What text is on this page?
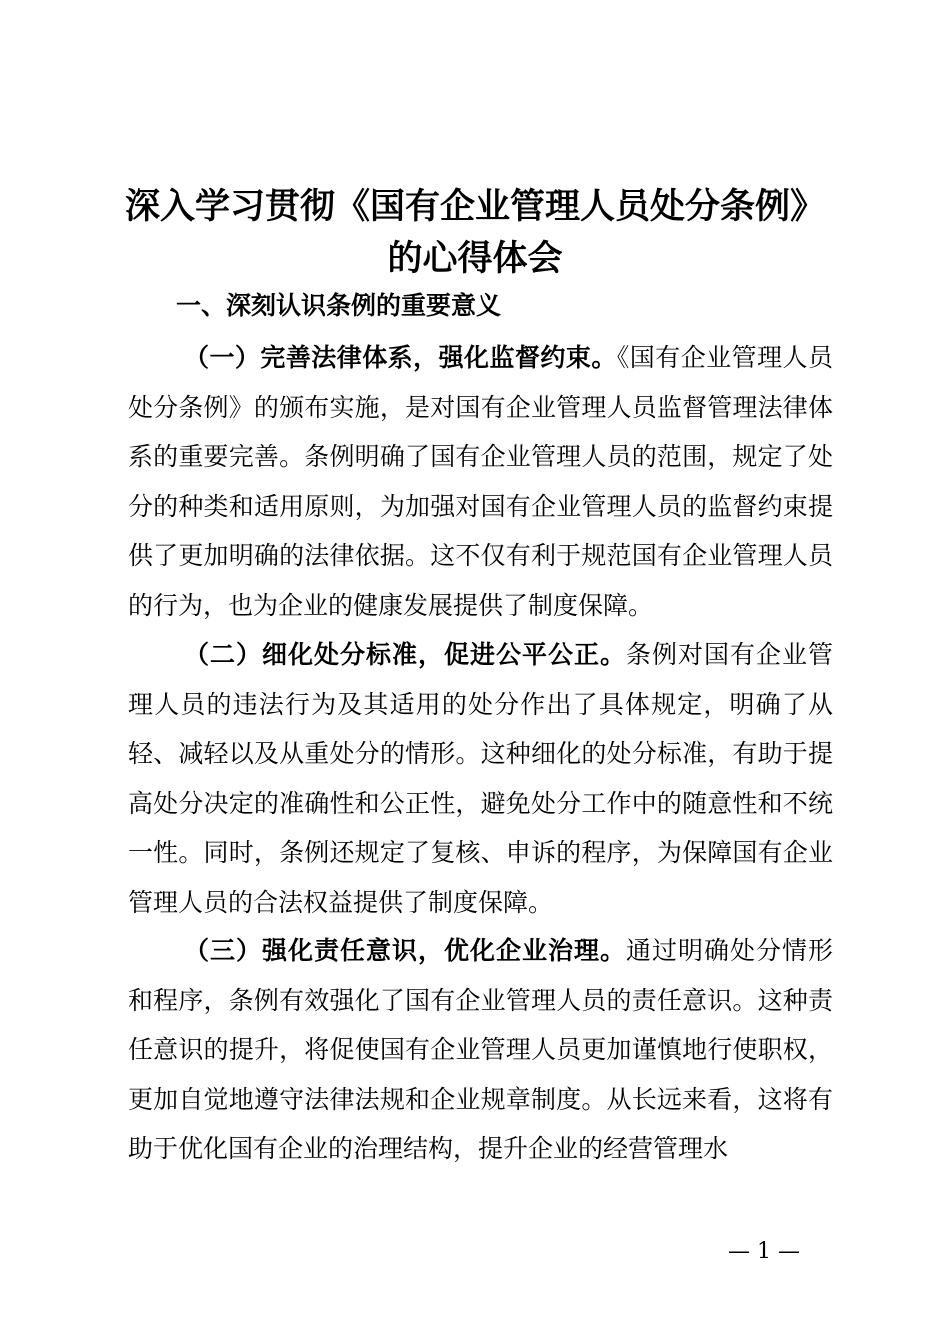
深入学习贯彻《国有企业管理人员处分条例》
的心得体会
一、深刻认识条例的重要意义

（一）完善法律体系，强化监督约束。《国有企业管理人员处分条例》的颁布实施，是对国有企业管理人员监督管理法律体系的重要完善。条例明确了国有企业管理人员的范围，规定了处分的种类和适用原则，为加强对国有企业管理人员的监督约束提供了更加明确的法律依据。这不仅有利于规范国有企业管理人员的行为，也为企业的健康发展提供了制度保障。

（二）细化处分标准，促进公平公正。条例对国有企业管理人员的违法行为及其适用的处分作出了具体规定，明确了从轻、减轻以及从重处分的情形。这种细化的处分标准，有助于提高处分决定的准确性和公正性，避免处分工作中的随意性和不统一性。同时，条例还规定了复核、申诉的程序，为保障国有企业管理人员的合法权益提供了制度保障。

（三）强化责任意识，优化企业治理。通过明确处分情形和程序，条例有效强化了国有企业管理人员的责任意识。这种责任意识的提升，将促使国有企业管理人员更加谨慎地行使职权，更加自觉地遵守法律法规和企业规章制度。从长远来看，这将有助于优化国有企业的治理结构，提升企业的经营管理水

— 1 —
